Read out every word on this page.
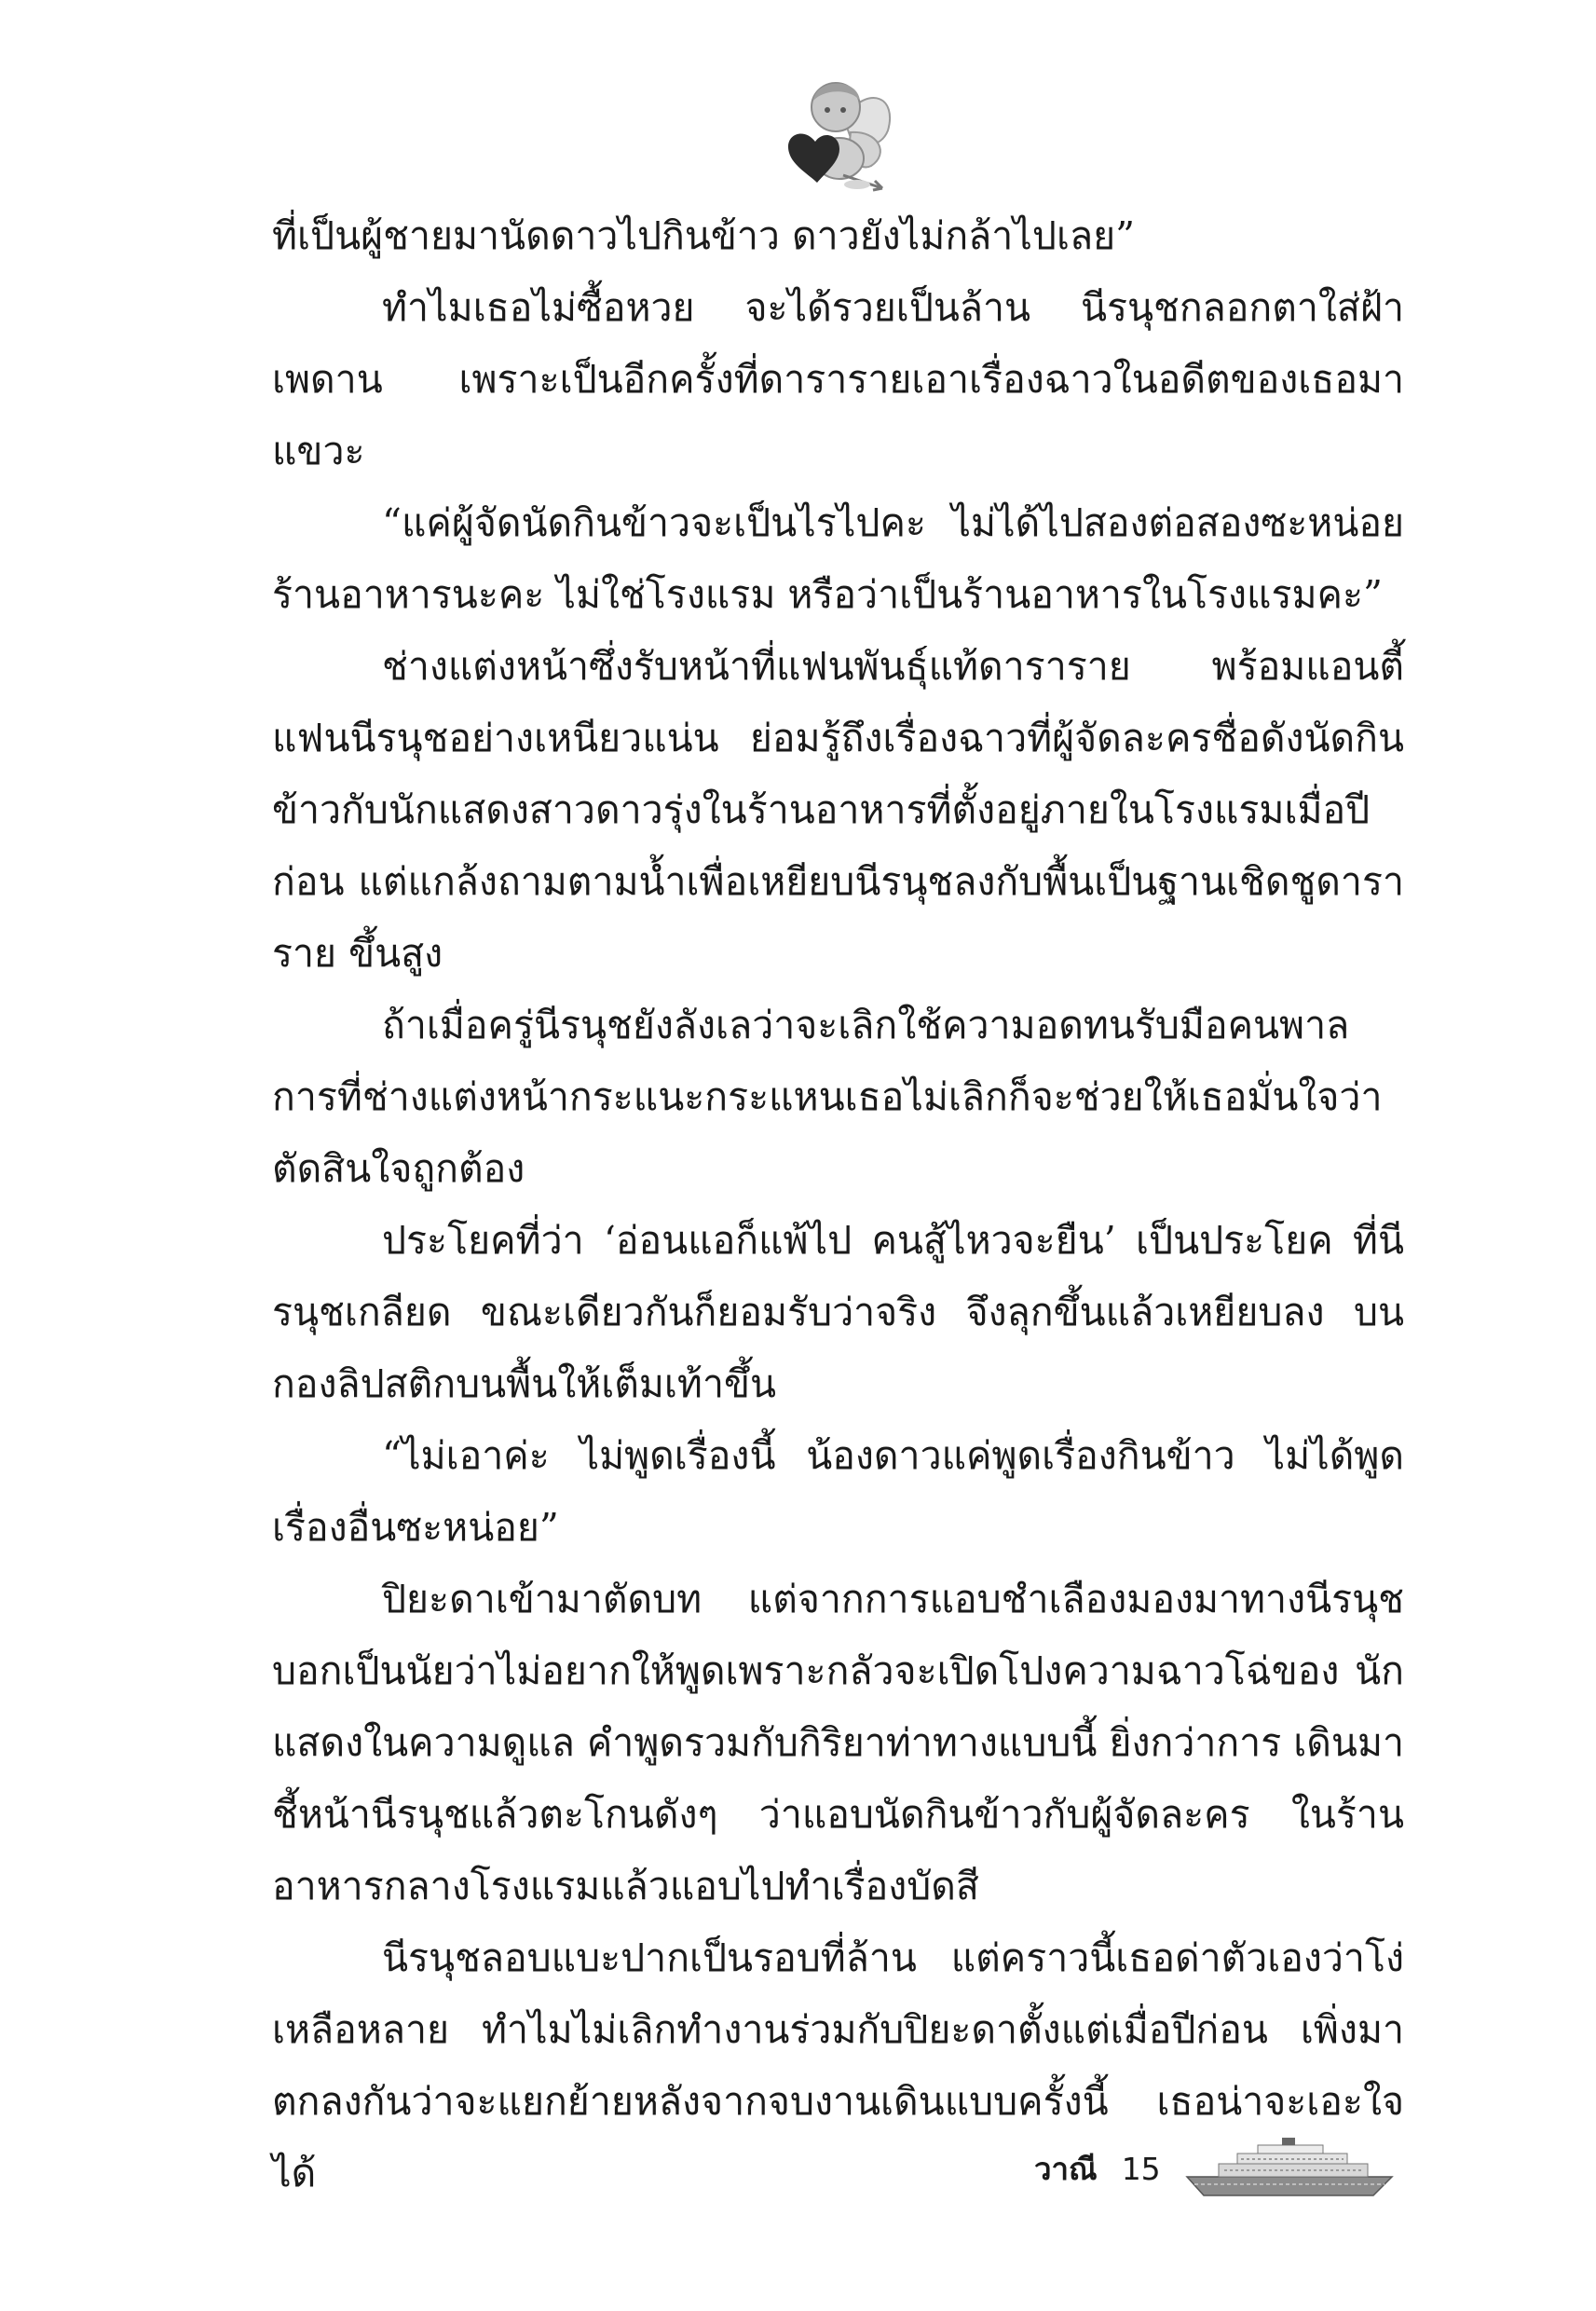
ที่เป็นผู้ชายมานัดดาวไปกินข้าว ดาวยังไม่กล้าไปเลย”

ทำไมเธอไม่ซื้อหวย จะได้รวยเป็นล้าน นีรนุชกลอกตาใส่ฝ้าเพดาน เพราะเป็นอีกครั้งที่ดารารายเอาเรื่องฉาวในอดีตของเธอมาแขวะ

“แค่ผู้จัดนัดกินข้าวจะเป็นไรไปคะ ไม่ได้ไปสองต่อสองซะหน่อย ร้านอาหารนะคะ ไม่ใช่โรงแรม หรือว่าเป็นร้านอาหารในโรงแรมคะ”

ช่างแต่งหน้าซึ่งรับหน้าที่แฟนพันธุ์แท้ดาราราย พร้อมแอนตี้แฟนนีรนุชอย่างเหนียวแน่น ย่อมรู้ถึงเรื่องฉาวที่ผู้จัดละครชื่อดังนัดกินข้าวกับนักแสดงสาวดาวรุ่งในร้านอาหารที่ตั้งอยู่ภายในโรงแรมเมื่อปีก่อน แต่แกล้งถามตามน้ำเพื่อเหยียบนีรนุชลงกับพื้นเป็นฐานเชิดชูดาราราย ขึ้นสูง

ถ้าเมื่อครู่นีรนุชยังลังเลว่าจะเลิกใช้ความอดทนรับมือคนพาล การที่ช่างแต่งหน้ากระแนะกระแหนเธอไม่เลิกก็จะช่วยให้เธอมั่นใจว่า ตัดสินใจถูกต้อง

ประโยคที่ว่า ‘อ่อนแอก็แพ้ไป คนสู้ไหวจะยืน’ เป็นประโยค ที่นีรนุชเกลียด ขณะเดียวกันก็ยอมรับว่าจริง จึงลุกขึ้นแล้วเหยียบลง บนกองลิปสติกบนพื้นให้เต็มเท้าขึ้น

“ไม่เอาค่ะ ไม่พูดเรื่องนี้ น้องดาวแค่พูดเรื่องกินข้าว ไม่ได้พูด เรื่องอื่นซะหน่อย”

ปิยะดาเข้ามาตัดบท แต่จากการแอบชำเลืองมองมาทางนีรนุช บอกเป็นนัยว่าไม่อยากให้พูดเพราะกลัวจะเปิดโปงความฉาวโฉ่ของ นักแสดงในความดูแล คำพูดรวมกับกิริยาท่าทางแบบนี้ ยิ่งกว่าการ เดินมาชี้หน้านีรนุชแล้วตะโกนดังๆ ว่าแอบนัดกินข้าวกับผู้จัดละคร ในร้านอาหารกลางโรงแรมแล้วแอบไปทำเรื่องบัดสี

นีรนุชลอบแบะปากเป็นรอบที่ล้าน แต่คราวนี้เธอด่าตัวเองว่าโง่ เหลือหลาย ทำไมไม่เลิกทำงานร่วมกับปิยะดาตั้งแต่เมื่อปีก่อน เพิ่งมา ตกลงกันว่าจะแยกย้ายหลังจากจบงานเดินแบบครั้งนี้ เธอน่าจะเอะใจได้	วาณี 15
